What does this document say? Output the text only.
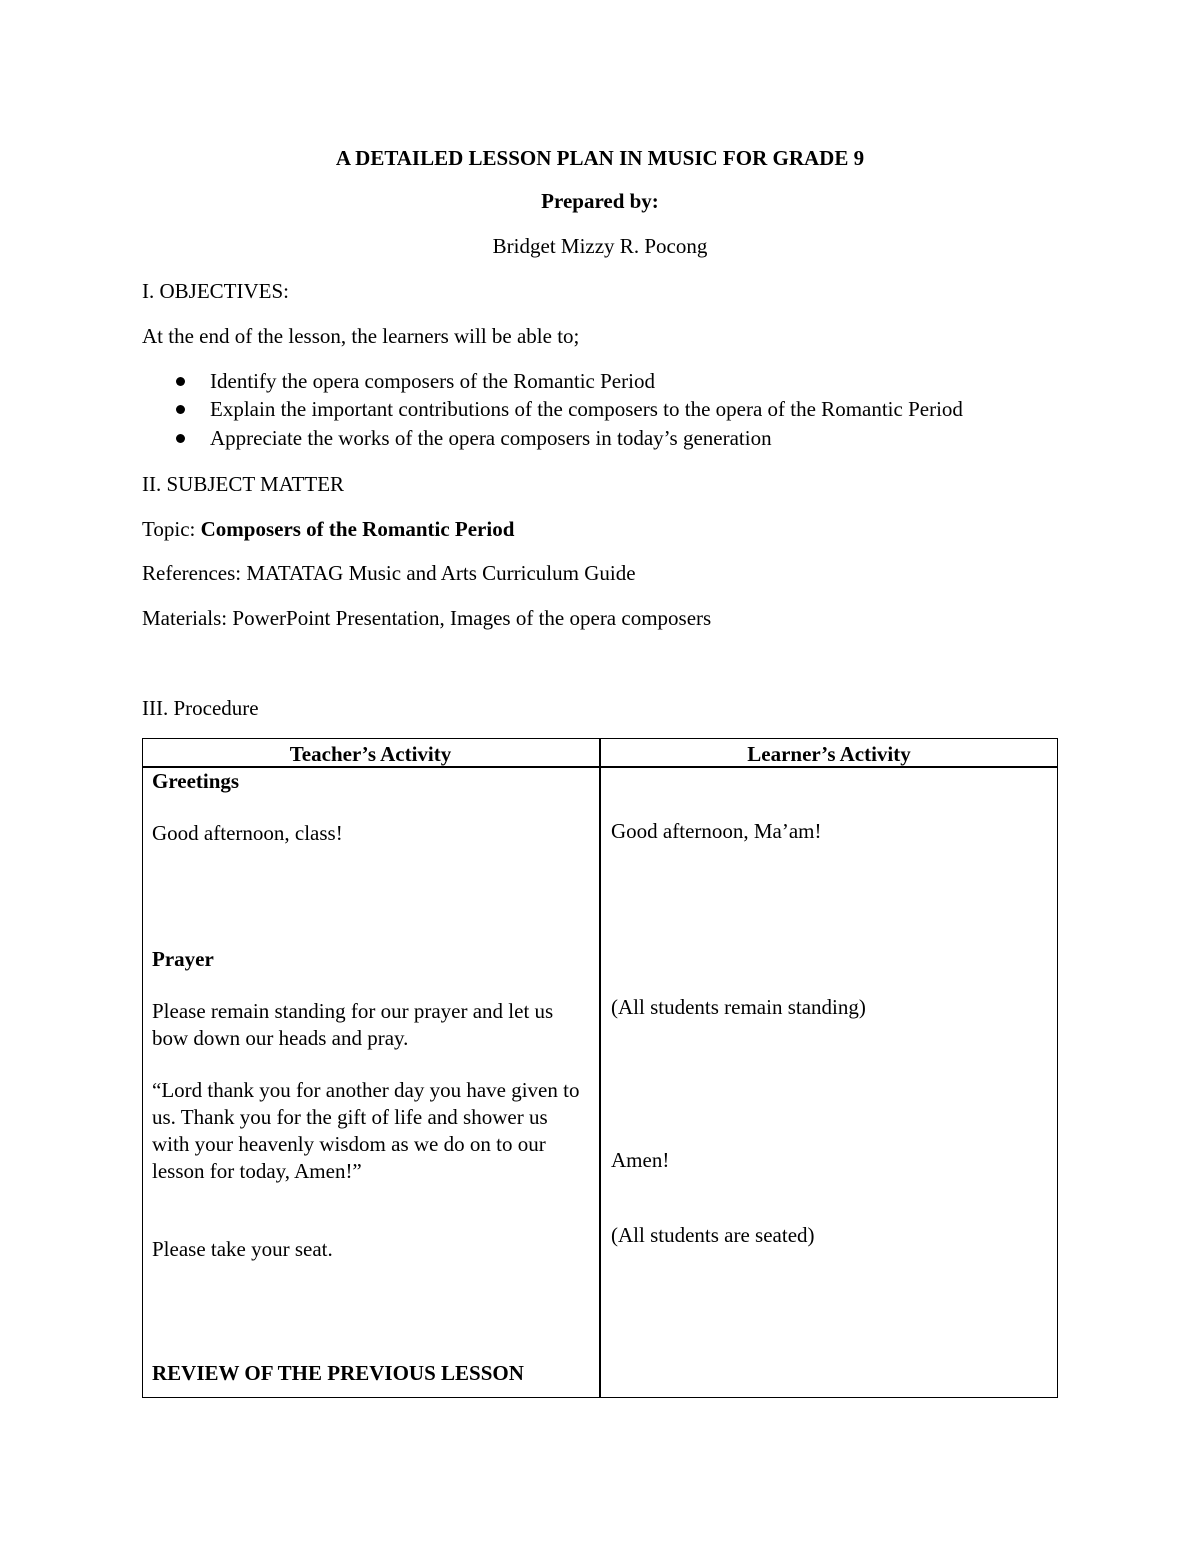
A DETAILED LESSON PLAN IN MUSIC FOR GRADE 9
Prepared by:
Bridget Mizzy R. Pocong
I. OBJECTIVES:
At the end of the lesson, the learners will be able to;
Identify the opera composers of the Romantic Period
Explain the important contributions of the composers to the opera of the Romantic Period
Appreciate the works of the opera composers in today’s generation
II. SUBJECT MATTER
Topic: Composers of the Romantic Period
References: MATATAG Music and Arts Curriculum Guide
Materials: PowerPoint Presentation, Images of the opera composers
III. Procedure
Teacher’s Activity	Learner’s Activity
Greetings
Good afternoon, class!
Prayer
Please remain standing for our prayer and let us bow down our heads and pray.
“Lord thank you for another day you have given to us. Thank you for the gift of life and shower us with your heavenly wisdom as we do on to our lesson for today, Amen!”
Please take your seat.
REVIEW OF THE PREVIOUS LESSON
Good afternoon, Ma’am!
(All students remain standing)
Amen!
(All students are seated)
